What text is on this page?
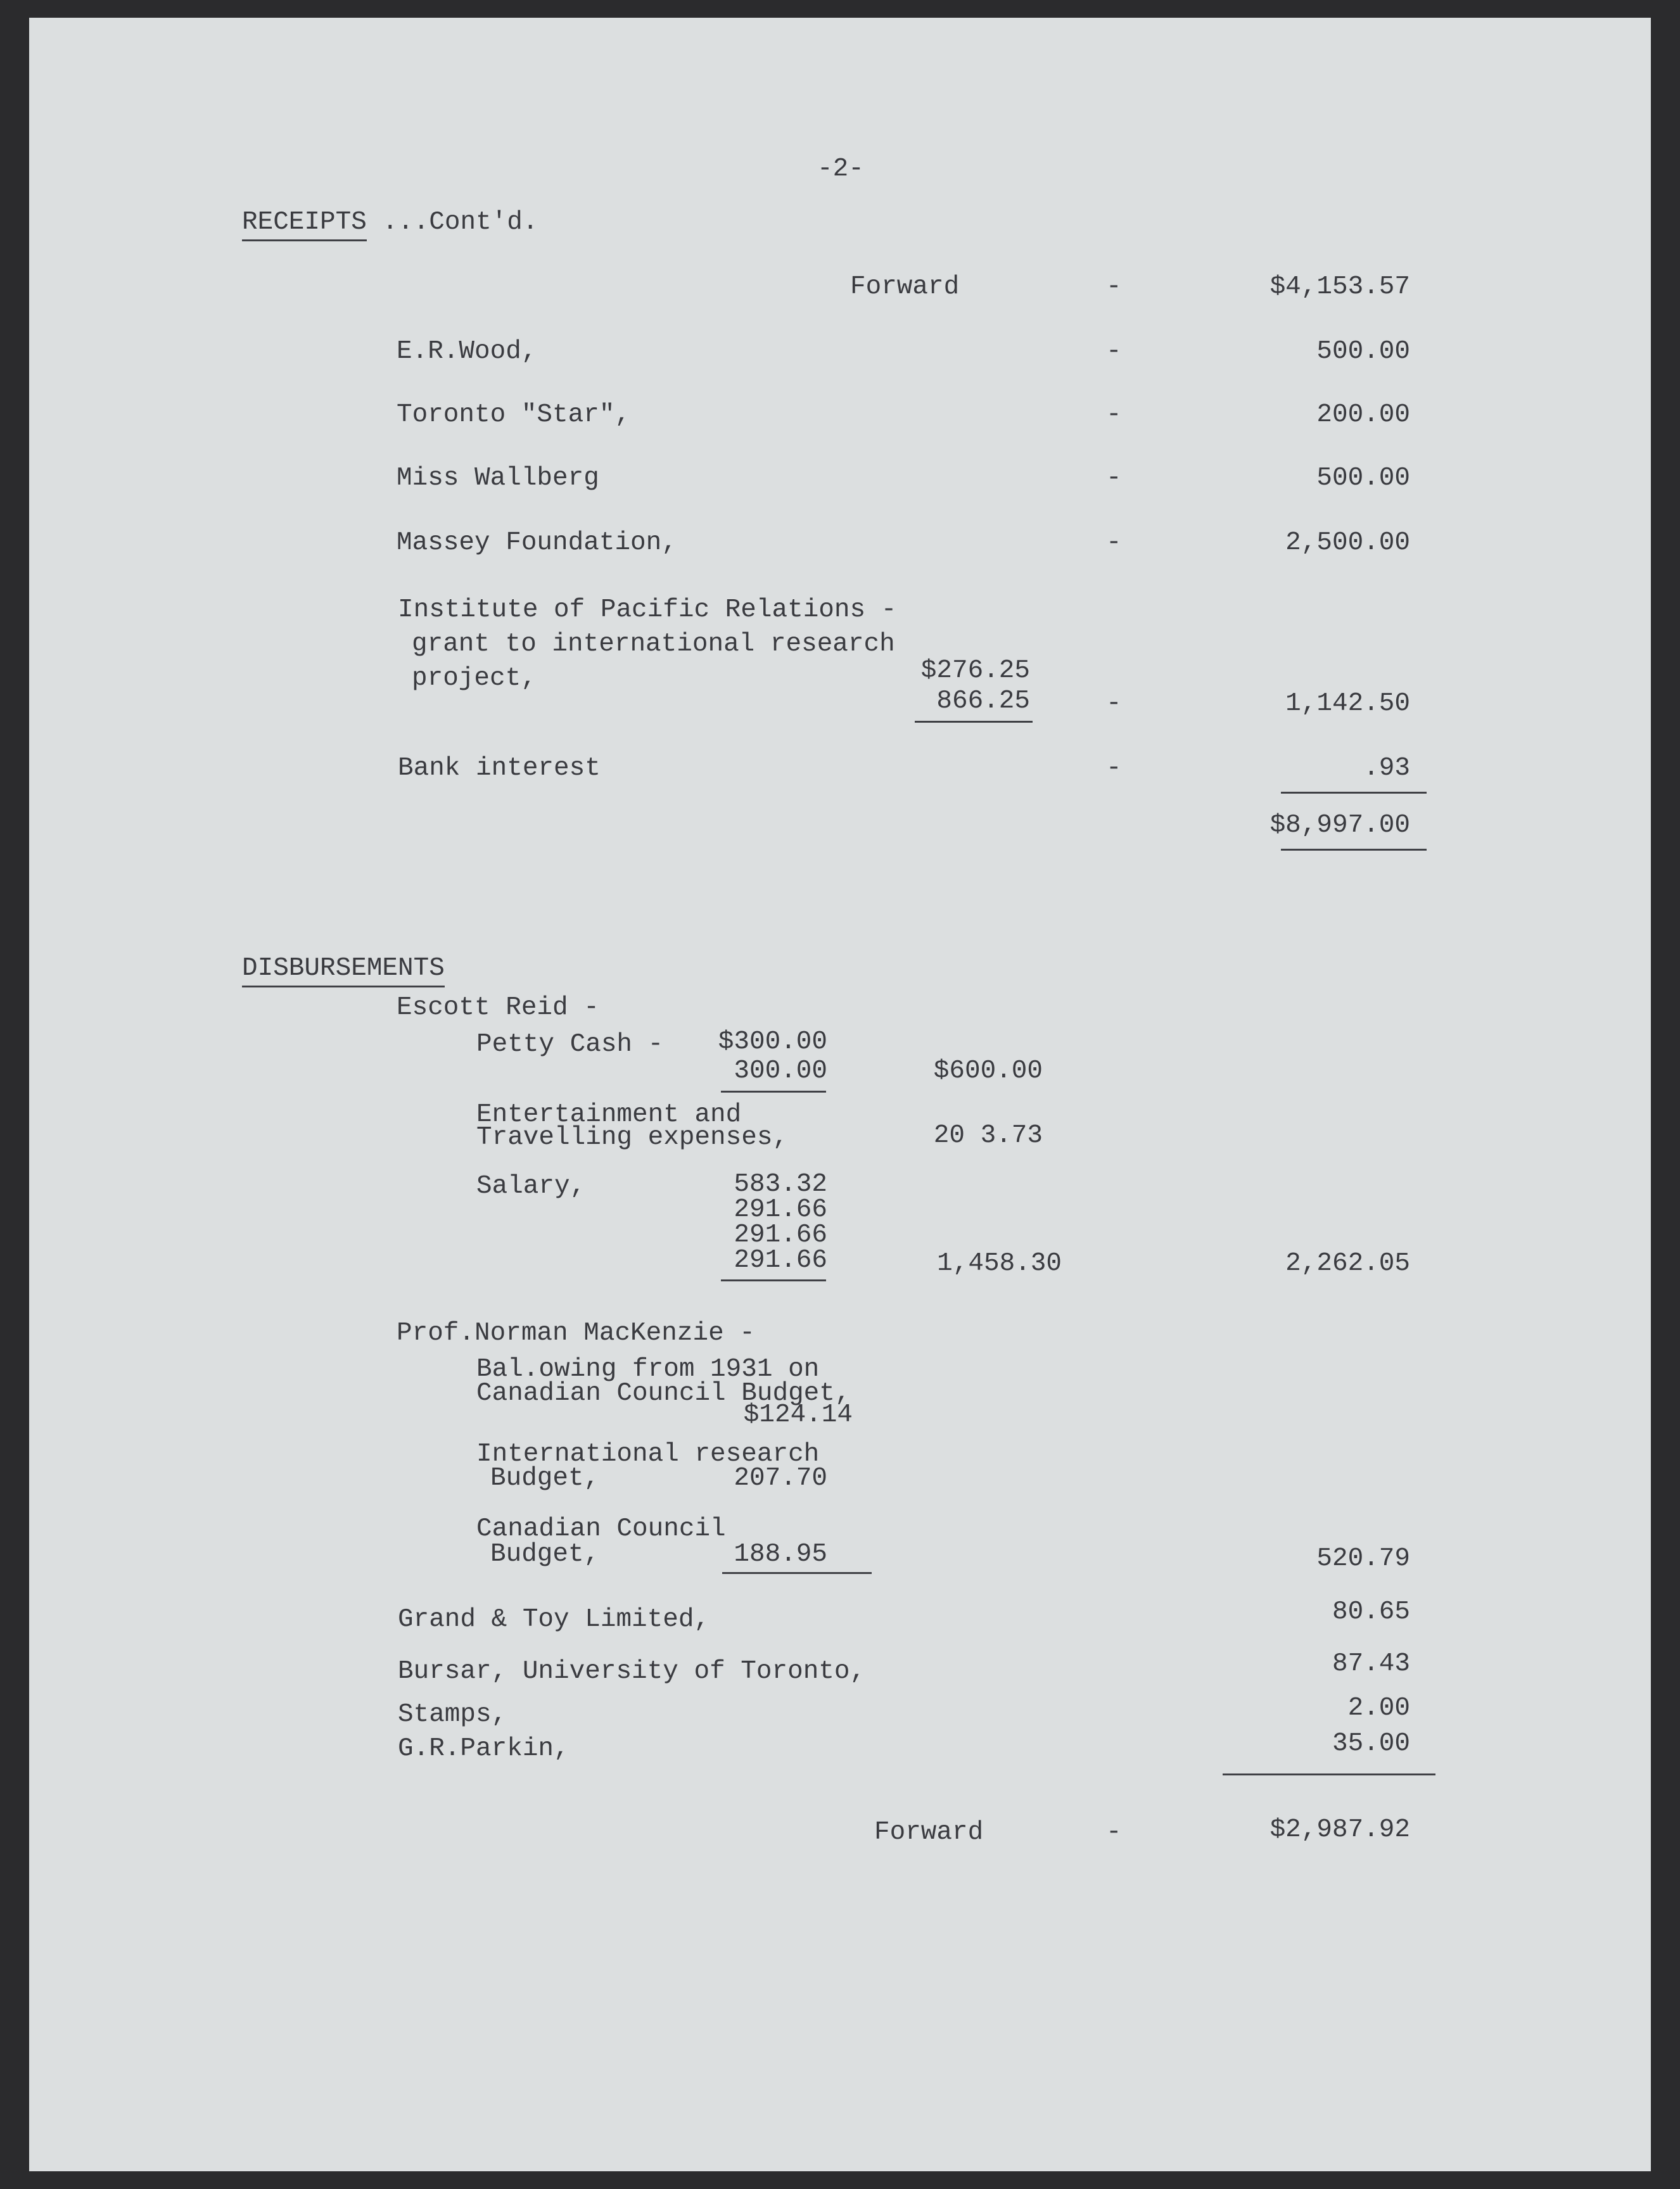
-2-
RECEIPTS ...Cont'd.
Forward	-	$4,153.57
E.R.Wood,	-	500.00
Toronto "Star",	-	200.00
Miss Wallberg	-	500.00
Massey Foundation,	-	2,500.00
Institute of Pacific Relations -
grant to international research
project,	$276.25
866.25	-	1,142.50
Bank interest	-	.93
$8,997.00
DISBURSEMENTS
Escott Reid -
Petty Cash -	$300.00
300.00	$600.00
Entertainment and
Travelling expenses,	20 3.73
Salary,	583.32
291.66
291.66
291.66	1,458.30	2,262.05
Prof.Norman MacKenzie -
Bal.owing from 1931 on
Canadian Council Budget,
$124.14
International research
Budget,	207.70
Canadian Council
Budget,	188.95	520.79
Grand & Toy Limited,	80.65
Bursar, University of Toronto,	87.43
Stamps,	2.00
G.R.Parkin,	35.00
Forward	-	$2,987.92
